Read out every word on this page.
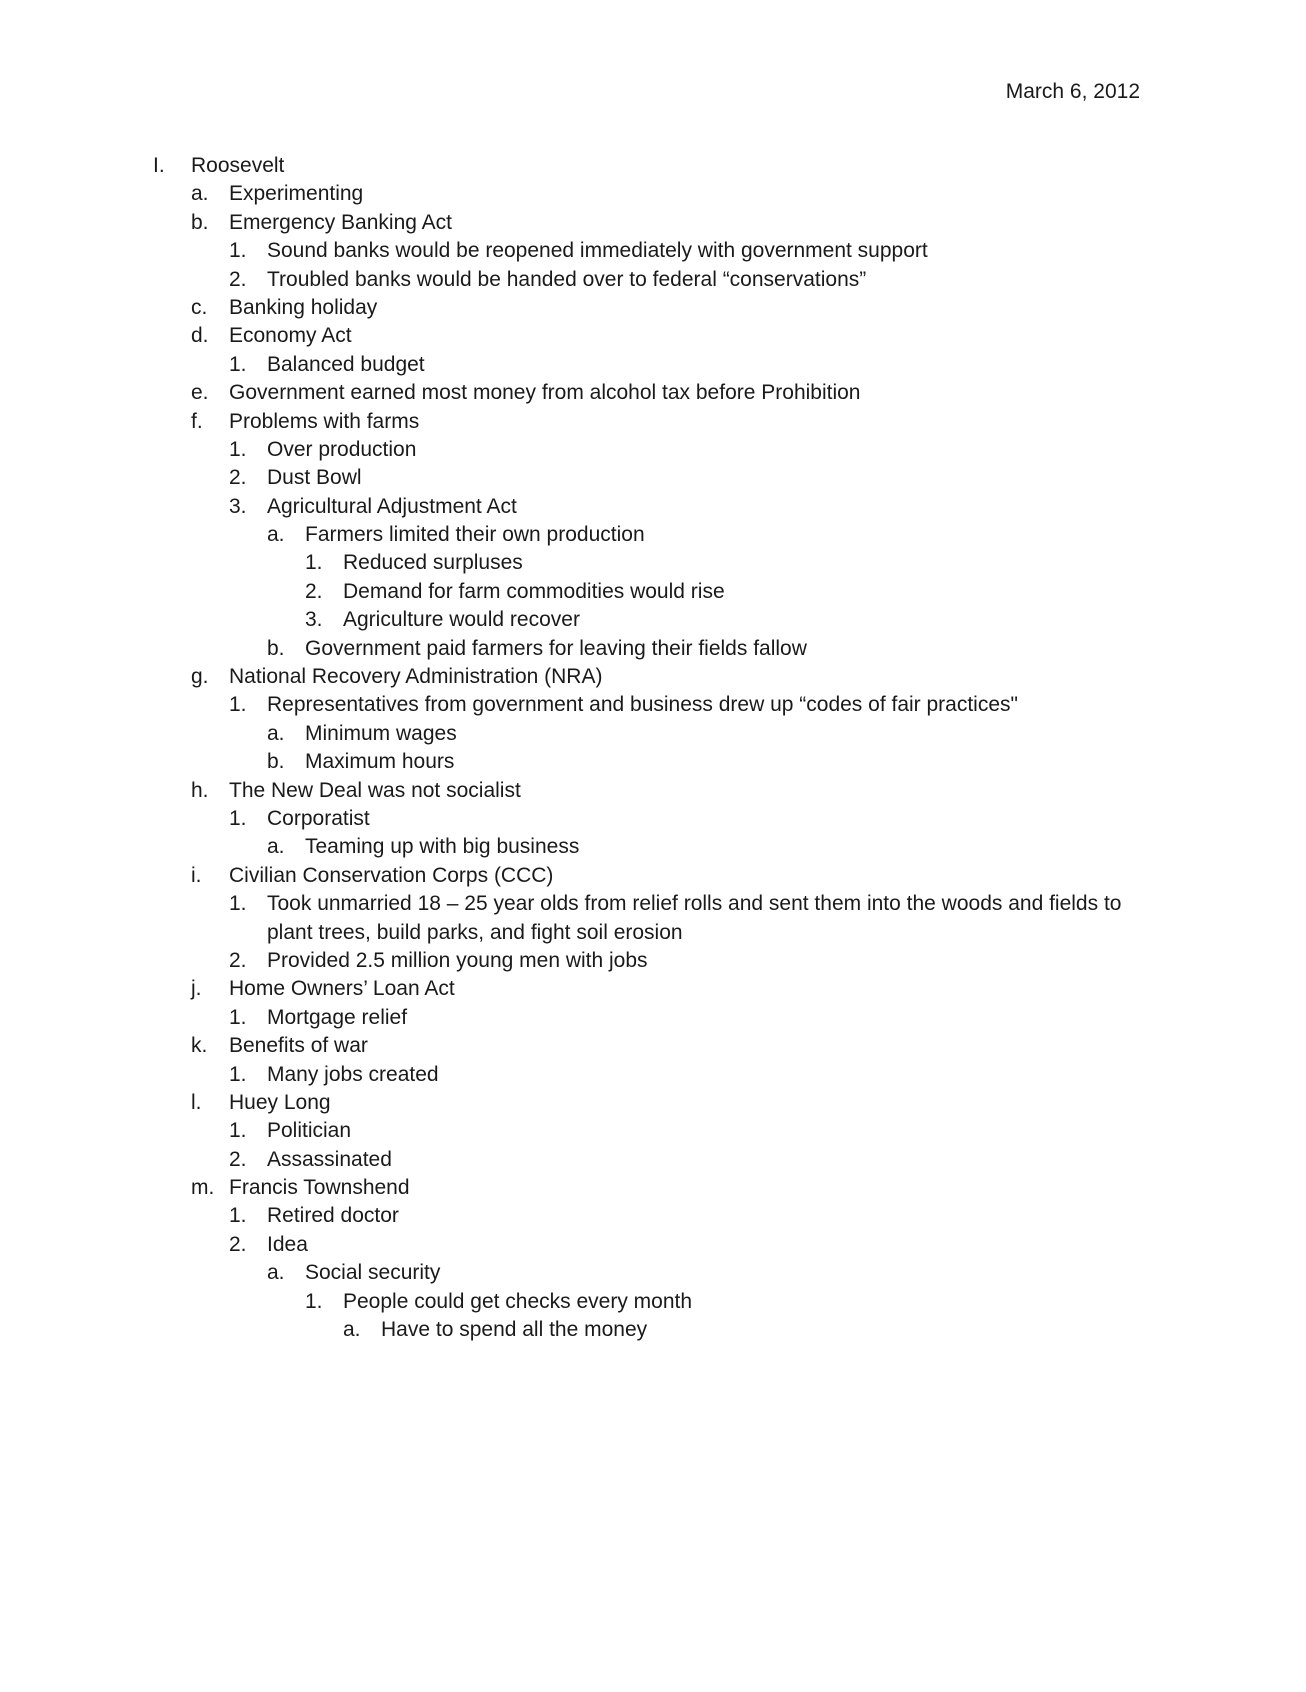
March 6, 2012
I. Roosevelt
a. Experimenting
b. Emergency Banking Act
1. Sound banks would be reopened immediately with government support
2. Troubled banks would be handed over to federal “conservations”
c. Banking holiday
d. Economy Act
1. Balanced budget
e. Government earned most money from alcohol tax before Prohibition
f. Problems with farms
1. Over production
2. Dust Bowl
3. Agricultural Adjustment Act
a. Farmers limited their own production
1. Reduced surpluses
2. Demand for farm commodities would rise
3. Agriculture would recover
b. Government paid farmers for leaving their fields fallow
g. National Recovery Administration (NRA)
1. Representatives from government and business drew up “codes of fair practices"
a. Minimum wages
b. Maximum hours
h. The New Deal was not socialist
1. Corporatist
a. Teaming up with big business
i. Civilian Conservation Corps (CCC)
1. Took unmarried 18 – 25 year olds from relief rolls and sent them into the woods and fields to plant trees, build parks, and fight soil erosion
2. Provided 2.5 million young men with jobs
j. Home Owners’ Loan Act
1. Mortgage relief
k. Benefits of war
1. Many jobs created
l. Huey Long
1. Politician
2. Assassinated
m. Francis Townshend
1. Retired doctor
2. Idea
a. Social security
1. People could get checks every month
a. Have to spend all the money
